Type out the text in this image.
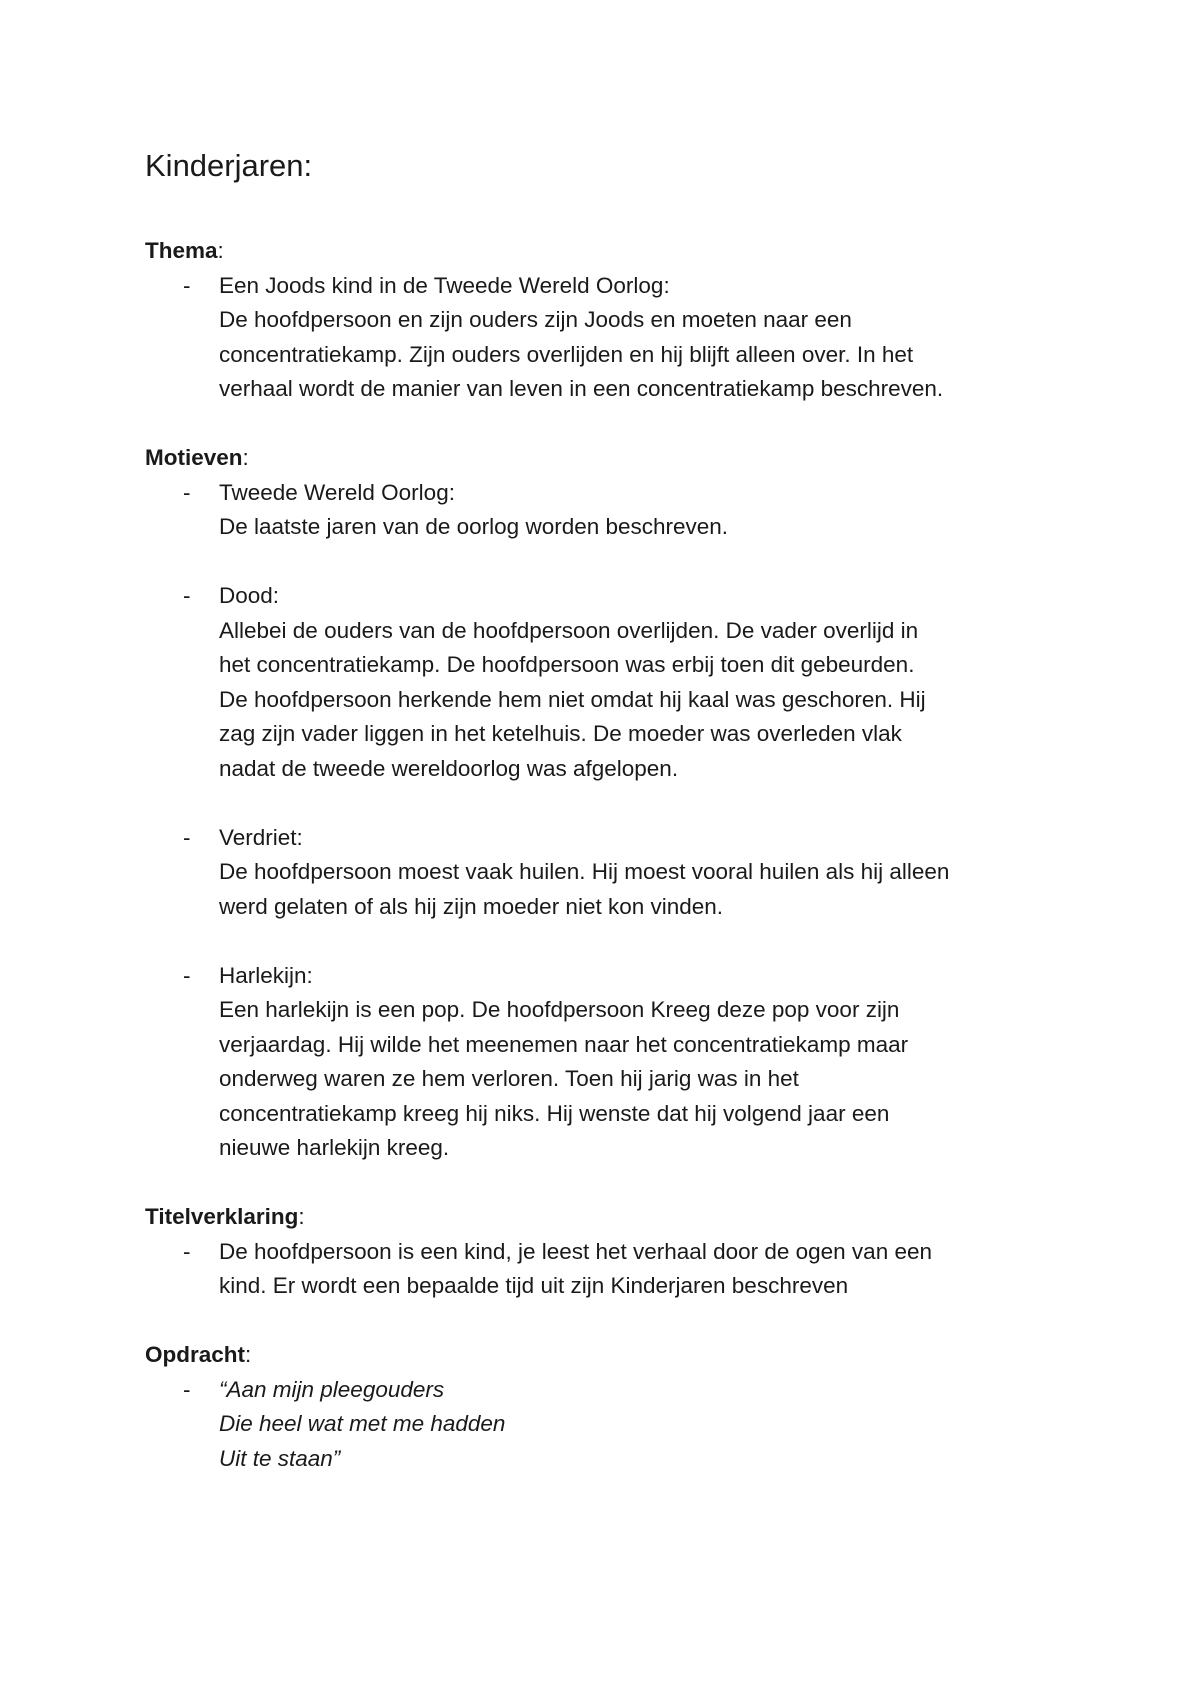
Kinderjaren:

Thema:

- Een Joods kind in de Tweede Wereld Oorlog:
De hoofdpersoon en zijn ouders zijn Joods en moeten naar een
concentratiekamp. Zijn ouders overlijden en hij blijft alleen over. In het
verhaal wordt de manier van leven in een concentratiekamp beschreven.

Motieven:

- Tweede Wereld Oorlog:
De laatste jaren van de oorlog worden beschreven.
- Dood:
Allebei de ouders van de hoofdpersoon overlijden. De vader overlijd in
het concentratiekamp. De hoofdpersoon was erbij toen dit gebeurden.
De hoofdpersoon herkende hem niet omdat hij kaal was geschoren. Hij
zag zijn vader liggen in het ketelhuis. De moeder was overleden vlak
nadat de tweede wereldoorlog was afgelopen.
- Verdriet:
De hoofdpersoon moest vaak huilen. Hij moest vooral huilen als hij alleen
werd gelaten of als hij zijn moeder niet kon vinden.
- Harlekijn:
Een harlekijn is een pop. De hoofdpersoon Kreeg deze pop voor zijn
verjaardag. Hij wilde het meenemen naar het concentratiekamp maar
onderweg waren ze hem verloren. Toen hij jarig was in het
concentratiekamp kreeg hij niks. Hij wenste dat hij volgend jaar een
nieuwe harlekijn kreeg.

Titelverklaring:

- De hoofdpersoon is een kind, je leest het verhaal door de ogen van een
kind. Er wordt een bepaalde tijd uit zijn Kinderjaren beschreven

Opdracht:

- “Aan mijn pleegouders
Die heel wat met me hadden
Uit te staan”
